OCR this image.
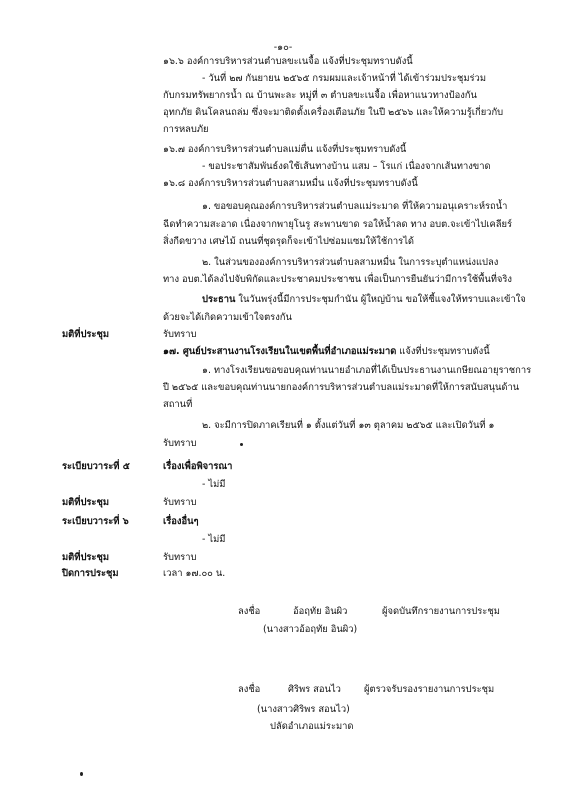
-๑๐-
๑๖.๖ องค์การบริหารส่วนตำบลขะเนจื้อ แจ้งที่ประชุมทราบดังนี้
- วันที่ ๒๗ กันยายน ๒๕๖๕ กรมผมและเจ้าหน้าที่ ได้เข้าร่วมประชุมร่วม
กับกรมทรัพยากรน้ำ ณ บ้านพะละ หมู่ที่ ๓ ตำบลขะเนจื้อ เพื่อหาแนวทางป้องกัน
อุทกภัย ดินโคลนถล่ม ซึ่งจะมาติดตั้งเครื่องเตือนภัย ในปี ๒๕๖๖ และให้ความรู้เกี่ยวกับ
การหลบภัย
๑๖.๗ องค์การบริหารส่วนตำบลแม่ตื่น แจ้งที่ประชุมทราบดังนี้
- ขอประชาสัมพันธ์งดใช้เส้นทางบ้าน แสม – โรแก่ เนื่องจากเส้นทางขาด
๑๖.๘ องค์การบริหารส่วนตำบลสามหมื่น แจ้งที่ประชุมทราบดังนี้
๑. ขอขอบคุณองค์การบริหารส่วนตำบลแม่ระมาด ที่ให้ความอนุเคราะห์รถน้ำ
ฉีดทำความสะอาด เนื่องจากพายุโนรู สะพานขาด รอให้น้ำลด ทาง อบต.จะเข้าไปเคลียร์
สิ่งกีดขวาง เศษไม้ ถนนที่ชุดรุดก็จะเข้าไปซ่อมแซมให้ใช้การได้
๒. ในส่วนขององค์การบริหารส่วนตำบลสามหมื่น ในการระบุตำแหน่งแปลง
ทาง อบต.ได้ลงไปจับพิกัดและประชาคมประชาชน เพื่อเป็นการยืนยันว่ามีการใช้พื้นที่จริง
ประธาน ในวันพรุ่งนี้มีการประชุมกำนัน ผู้ใหญ่บ้าน ขอให้ชี้แจงให้ทราบและเข้าใจ
ด้วยจะได้เกิดความเข้าใจตรงกัน
มติที่ประชุม	รับทราบ
๑๗. ศูนย์ประสานงานโรงเรียนในเขตพื้นที่อำเภอแม่ระมาด แจ้งที่ประชุมทราบดังนี้
๑. ทางโรงเรียนขอขอบคุณท่านนายอำเภอที่ได้เป็นประธานงานเกษียณอายุราชการ
ปี ๒๕๖๕ และขอบคุณท่านนายกองค์การบริหารส่วนตำบลแม่ระมาดที่ให้การสนับสนุนด้าน
สถานที่
๒. จะมีการปิดภาคเรียนที่ ๑ ตั้งแต่วันที่ ๑๓ ตุลาคม ๒๕๖๕ และเปิดวันที่ ๑
รับทราบ
ระเบียบวาระที่ ๕	เรื่องเพื่อพิจารณา
- ไม่มี
มติที่ประชุม	รับทราบ
ระเบียบวาระที่ ๖	เรื่องอื่นๆ
- ไม่มี
มติที่ประชุม	รับทราบ
ปิดการประชุม	เวลา ๑๗.๐๐ น.
ลงชื่อ	อ้อฤทัย อินผิว	ผู้จดบันทึกรายงานการประชุม
(นางสาวอ้อฤทัย อินผิว)
ลงชื่อ	ศิริพร สอนไว ผู้ตรวจรับรองรายงานการประชุม
(นางสาวศิริพร สอนไว)
ปลัดอำเภอแม่ระมาด
